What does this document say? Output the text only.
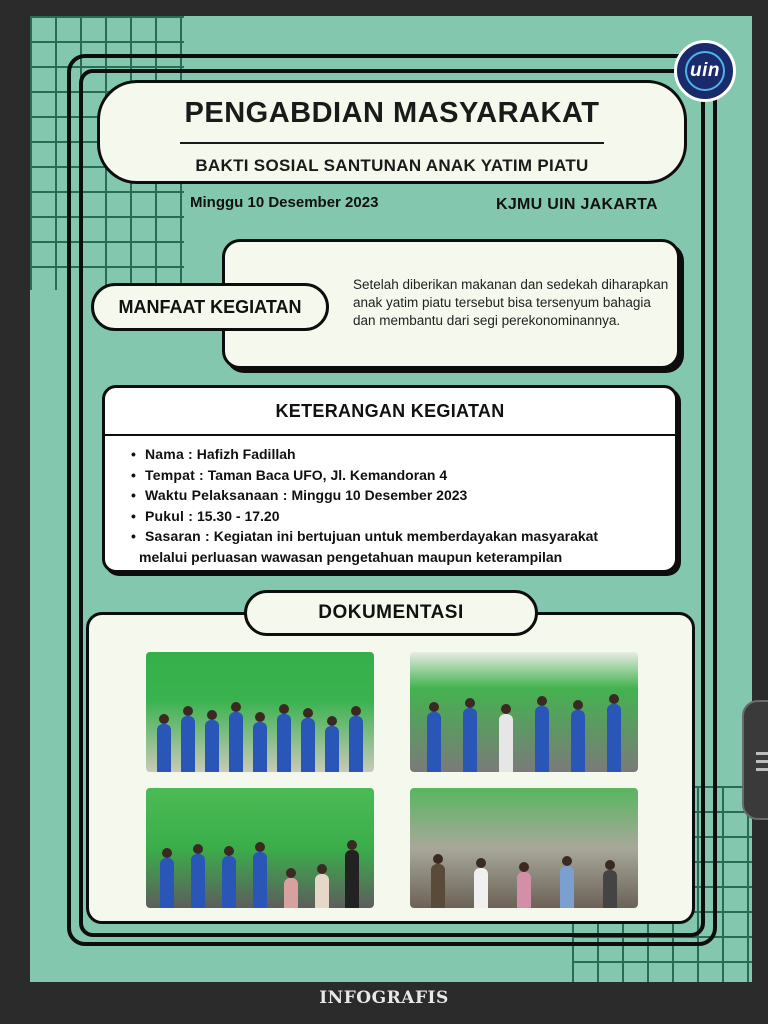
uin
PENGABDIAN MASYARAKAT
BAKTI SOSIAL SANTUNAN ANAK YATIM PIATU
Minggu 10 Desember 2023	KJMU UIN JAKARTA
Setelah diberikan makanan dan sedekah diharapkan anak yatim piatu tersebut bisa tersenyum bahagia dan membantu dari segi perekonominannya.
MANFAAT KEGIATAN
KETERANGAN KEGIATAN
• Nama : Hafizh Fadillah
• Tempat : Taman Baca UFO, Jl. Kemandoran 4
• Waktu Pelaksanaan : Minggu 10 Desember 2023
• Pukul : 15.30 - 17.20
• Sasaran : Kegiatan ini bertujuan untuk memberdayakan masyarakat
melalui perluasan wawasan pengetahuan maupun keterampilan
DOKUMENTASI
INFOGRAFIS
